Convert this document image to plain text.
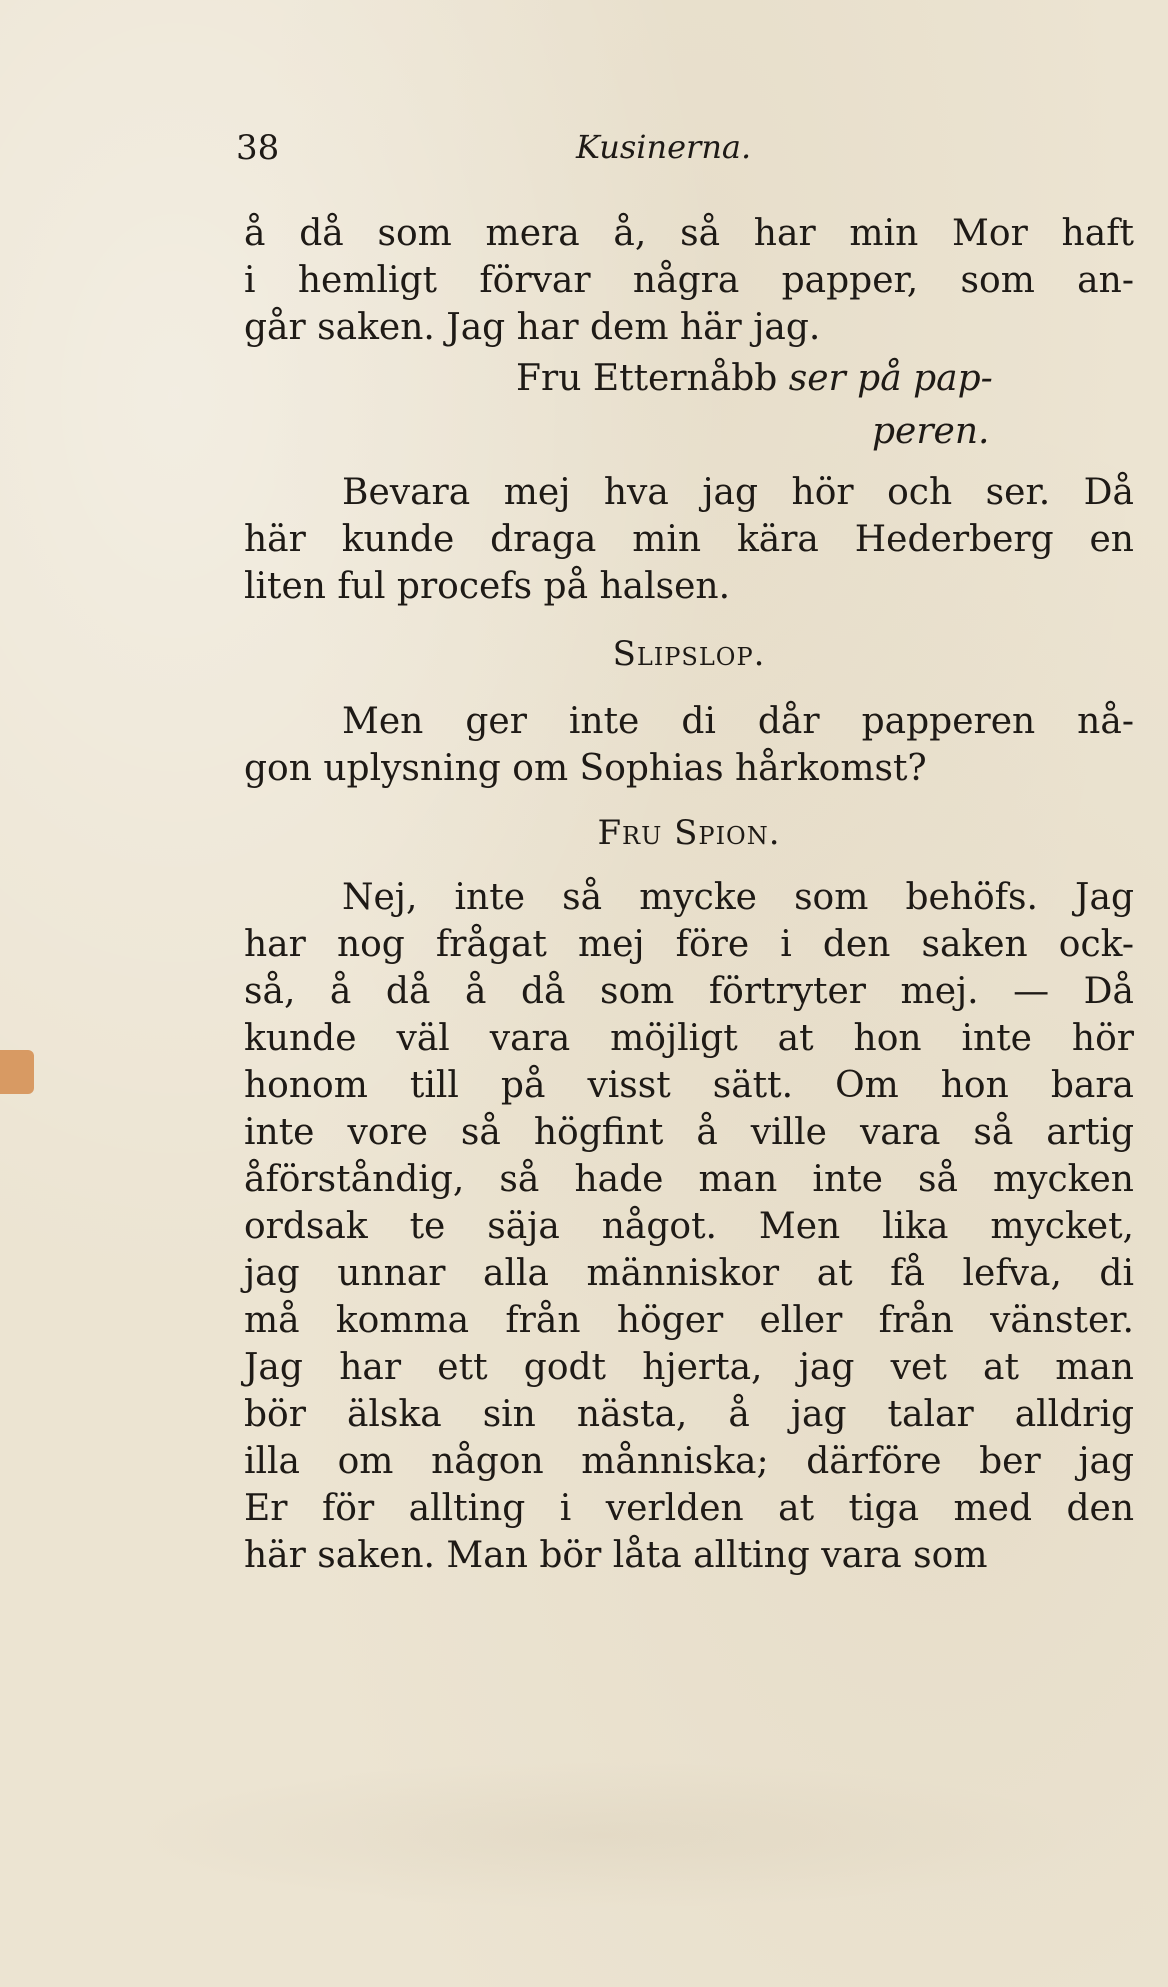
38	Kusinerna.
å då som mera å, så har min Mor haft
i hemligt förvar några papper, som an-
går saken. Jag har dem här jag.
Fru Etternåbb ser på pap-
peren.
Bevara mej hva jag hör och ser. Då
här kunde draga min kära Hederberg en
liten ful procefs på halsen.
Slipslop.
Men ger inte di dår papperen nå-
gon uplysning om Sophias hårkomst?
Fru Spion.
Nej, inte så mycke som behöfs. Jag
har nog frågat mej före i den saken ock-
så, å då å då som förtryter mej. — Då
kunde väl vara möjligt at hon inte hör
honom till på visst sätt. Om hon bara
inte vore så högfint å ville vara så artig
åförståndig, så hade man inte så mycken
ordsak te säja något. Men lika mycket,
jag unnar alla människor at få lefva, di
må komma från höger eller från vänster.
Jag har ett godt hjerta, jag vet at man
bör älska sin nästa, å jag talar alldrig
illa om någon månniska; därföre ber jag
Er för allting i verlden at tiga med den
här saken. Man bör låta allting vara som
